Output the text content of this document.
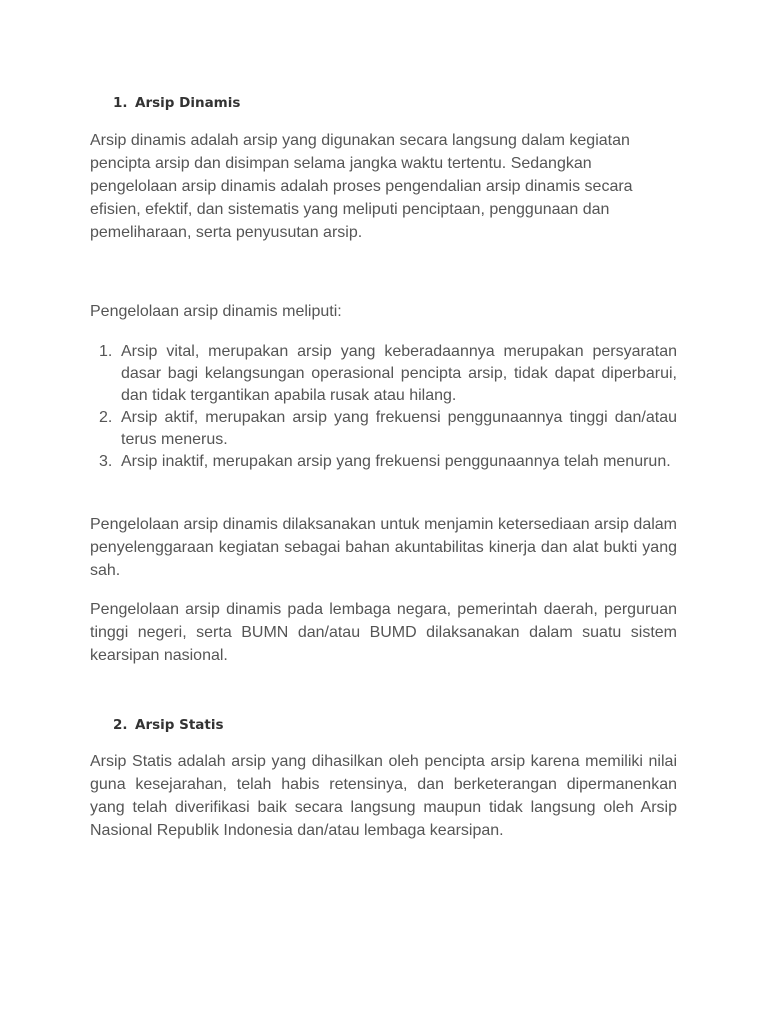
1. Arsip Dinamis

Arsip dinamis adalah arsip yang digunakan secara langsung dalam kegiatan pencipta arsip dan disimpan selama jangka waktu tertentu. Sedangkan pengelolaan arsip dinamis adalah proses pengendalian arsip dinamis secara efisien, efektif, dan sistematis yang meliputi penciptaan, penggunaan dan pemeliharaan, serta penyusutan arsip.

Pengelolaan arsip dinamis meliputi:

1. Arsip vital, merupakan arsip yang keberadaannya merupakan persyaratan dasar bagi kelangsungan operasional pencipta arsip, tidak dapat diperbarui, dan tidak tergantikan apabila rusak atau hilang.
2. Arsip aktif, merupakan arsip yang frekuensi penggunaannya tinggi dan/atau terus menerus.
3. Arsip inaktif, merupakan arsip yang frekuensi penggunaannya telah menurun.

Pengelolaan arsip dinamis dilaksanakan untuk menjamin ketersediaan arsip dalam penyelenggaraan kegiatan sebagai bahan akuntabilitas kinerja dan alat bukti yang sah.

Pengelolaan arsip dinamis pada lembaga negara, pemerintah daerah, perguruan tinggi negeri, serta BUMN dan/atau BUMD dilaksanakan dalam suatu sistem kearsipan nasional.

2. Arsip Statis

Arsip Statis adalah arsip yang dihasilkan oleh pencipta arsip karena memiliki nilai guna kesejarahan, telah habis retensinya, dan berketerangan dipermanenkan yang telah diverifikasi baik secara langsung maupun tidak langsung oleh Arsip Nasional Republik Indonesia dan/atau lembaga kearsipan.
